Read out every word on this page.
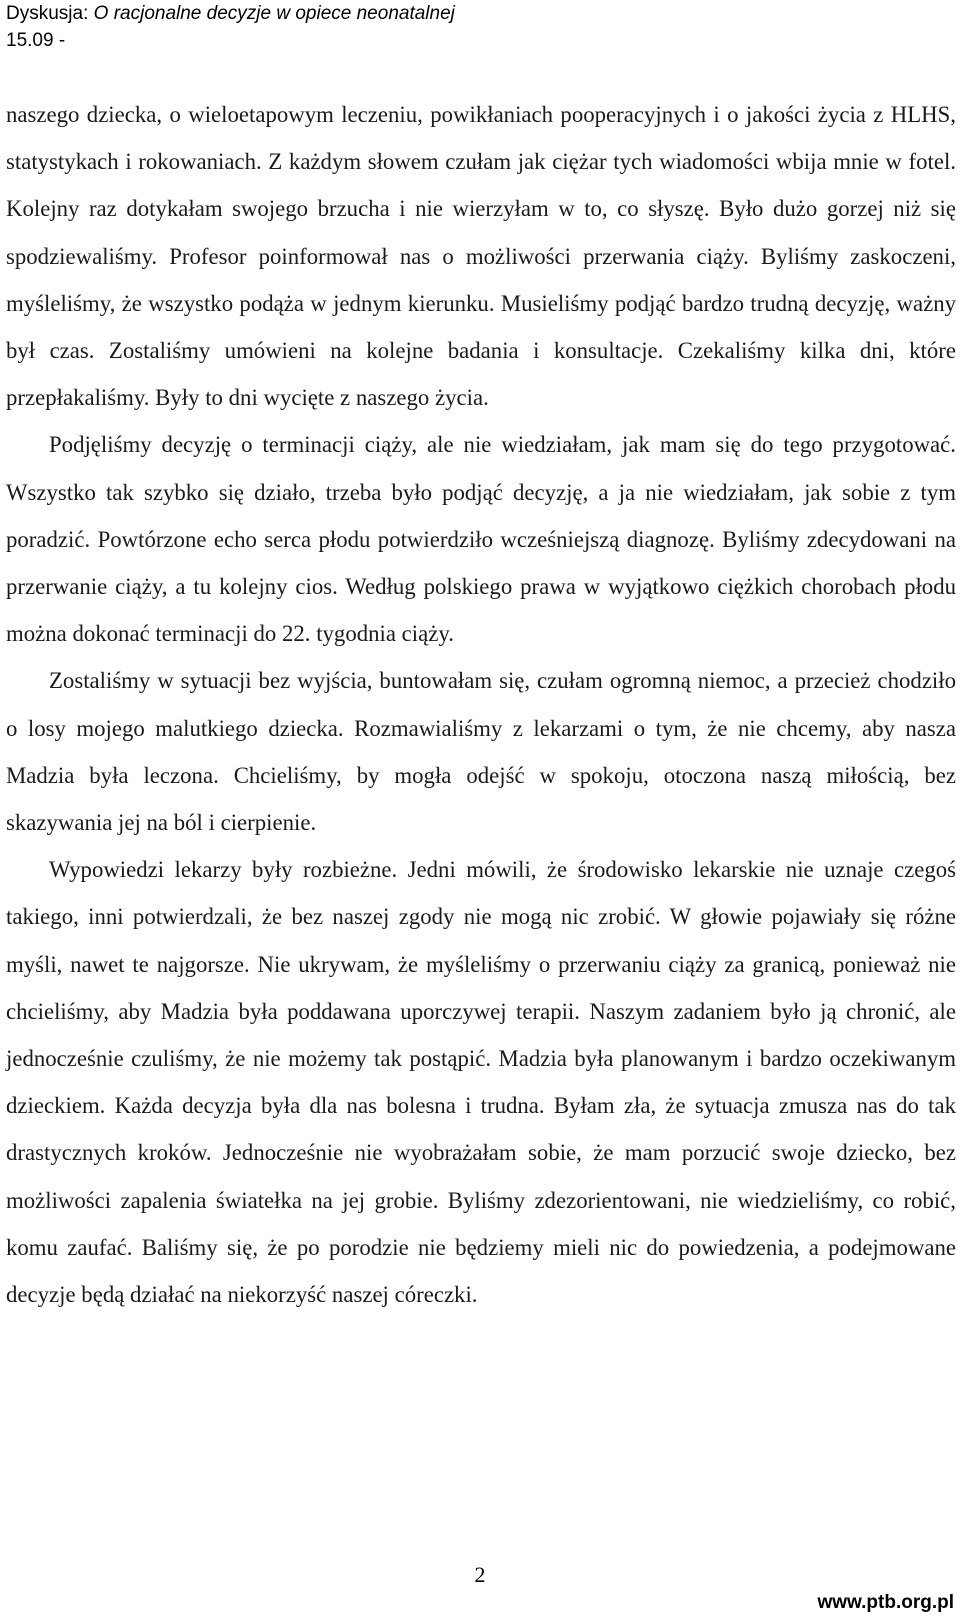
Dyskusja: O racjonalne decyzje w opiece neonatalnej
15.09 -

naszego dziecka, o wieloetapowym leczeniu, powikłaniach pooperacyjnych i o jakości życia z HLHS, statystykach i rokowaniach. Z każdym słowem czułam jak ciężar tych wiadomości wbija mnie w fotel. Kolejny raz dotykałam swojego brzucha i nie wierzyłam w to, co słyszę. Było dużo gorzej niż się spodziewaliśmy. Profesor poinformował nas o możliwości przerwania ciąży. Byliśmy zaskoczeni, myśleliśmy, że wszystko podąża w jednym kierunku. Musieliśmy podjąć bardzo trudną decyzję, ważny był czas. Zostaliśmy umówieni na kolejne badania i konsultacje. Czekaliśmy kilka dni, które przepłakaliśmy. Były to dni wycięte z naszego życia.

Podjęliśmy decyzję o terminacji ciąży, ale nie wiedziałam, jak mam się do tego przygotować. Wszystko tak szybko się działo, trzeba było podjąć decyzję, a ja nie wiedziałam, jak sobie z tym poradzić. Powtórzone echo serca płodu potwierdziło wcześniejszą diagnozę. Byliśmy zdecydowani na przerwanie ciąży, a tu kolejny cios. Według polskiego prawa w wyjątkowo ciężkich chorobach płodu można dokonać terminacji do 22. tygodnia ciąży.

Zostaliśmy w sytuacji bez wyjścia, buntowałam się, czułam ogromną niemoc, a przecież chodziło o losy mojego malutkiego dziecka. Rozmawialiśmy z lekarzami o tym, że nie chcemy, aby nasza Madzia była leczona. Chcieliśmy, by mogła odejść w spokoju, otoczona naszą miłością, bez skazywania jej na ból i cierpienie.

Wypowiedzi lekarzy były rozbieżne. Jedni mówili, że środowisko lekarskie nie uznaje czegoś takiego, inni potwierdzali, że bez naszej zgody nie mogą nic zrobić. W głowie pojawiały się różne myśli, nawet te najgorsze. Nie ukrywam, że myśleliśmy o przerwaniu ciąży za granicą, ponieważ nie chcieliśmy, aby Madzia była poddawana uporczywej terapii. Naszym zadaniem było ją chronić, ale jednocześnie czuliśmy, że nie możemy tak postąpić. Madzia była planowanym i bardzo oczekiwanym dzieckiem. Każda decyzja była dla nas bolesna i trudna. Byłam zła, że sytuacja zmusza nas do tak drastycznych kroków. Jednocześnie nie wyobrażałam sobie, że mam porzucić swoje dziecko, bez możliwości zapalenia światełka na jej grobie. Byliśmy zdezorientowani, nie wiedzieliśmy, co robić, komu zaufać. Baliśmy się, że po porodzie nie będziemy mieli nic do powiedzenia, a podejmowane decyzje będą działać na niekorzyść naszej córeczki.

2
www.ptb.org.pl
